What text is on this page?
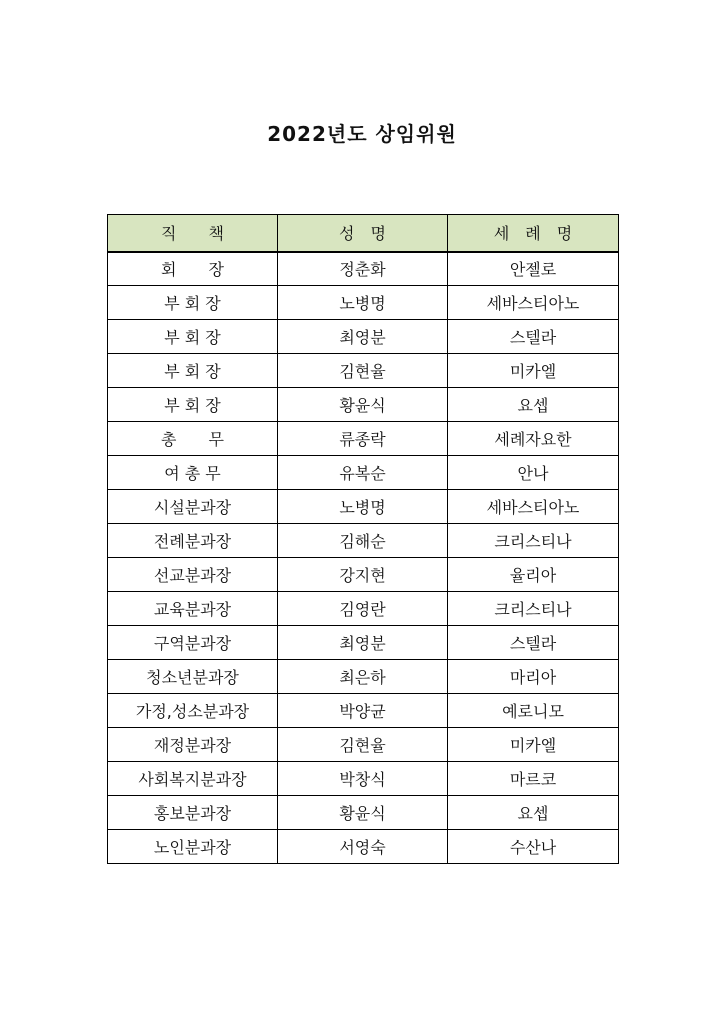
2022년도 상임위원
직　　책	성　명	세　례　명
회　　장	정춘화	안젤로
부 회 장	노병명	세바스티아노
부 회 장	최영분	스텔라
부 회 장	김현율	미카엘
부 회 장	황윤식	요셉
총　　무	류종락	세례자요한
여 총 무	유복순	안나
시설분과장	노병명	세바스티아노
전례분과장	김해순	크리스티나
선교분과장	강지현	율리아
교육분과장	김영란	크리스티나
구역분과장	최영분	스텔라
청소년분과장	최은하	마리아
가정,성소분과장	박양균	예로니모
재정분과장	김현율	미카엘
사회복지분과장	박창식	마르코
홍보분과장	황윤식	요셉
노인분과장	서영숙	수산나
